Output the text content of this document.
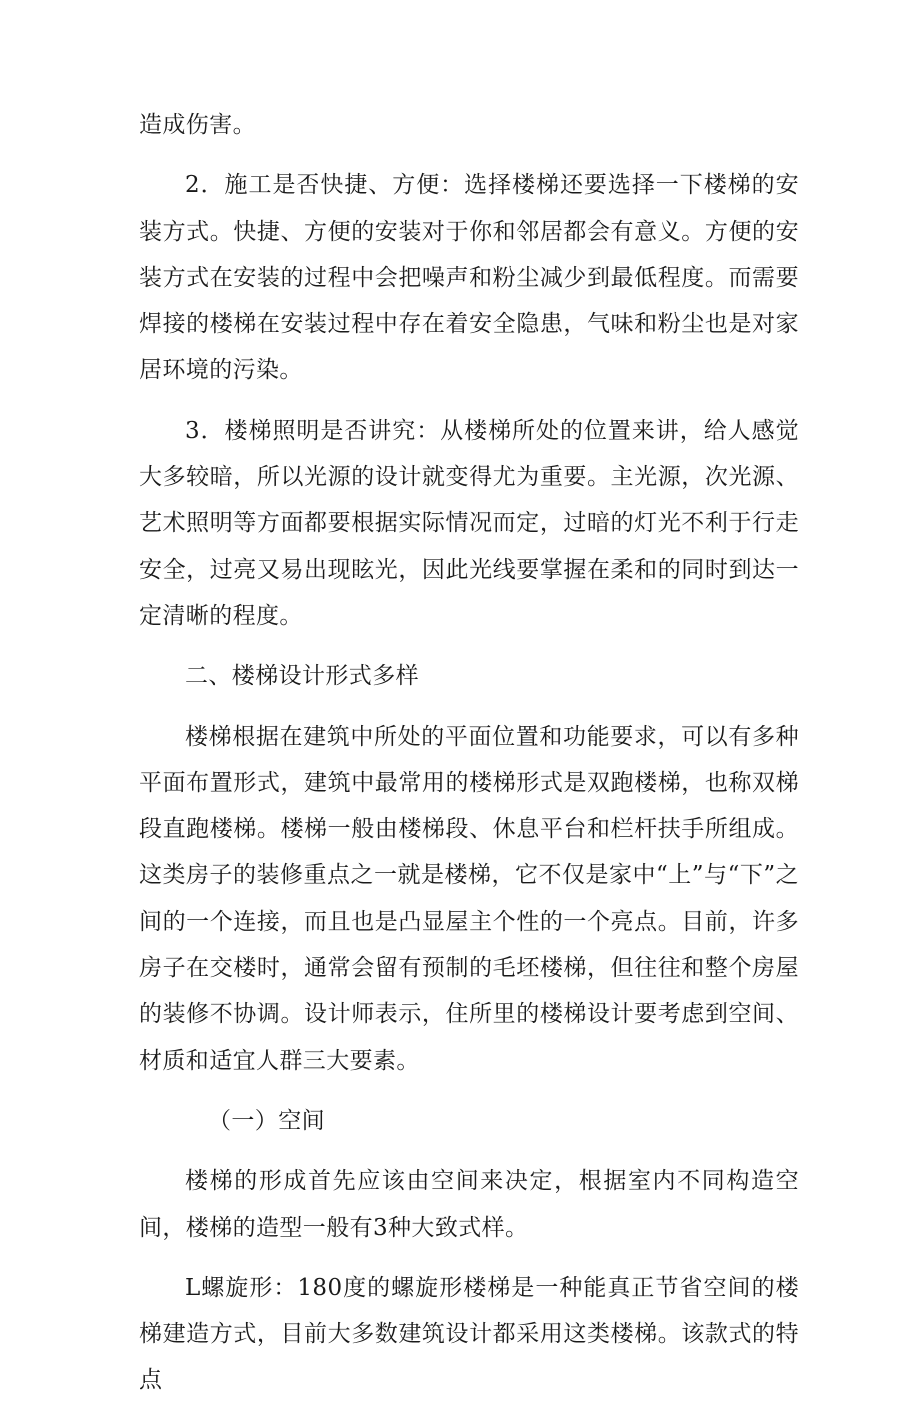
造成伤害。

2．施工是否快捷、方便：选择楼梯还要选择一下楼梯的安装方式。快捷、方便的安装对于你和邻居都会有意义。方便的安装方式在安装的过程中会把噪声和粉尘减少到最低程度。而需要焊接的楼梯在安装过程中存在着安全隐患，气味和粉尘也是对家居环境的污染。

3．楼梯照明是否讲究：从楼梯所处的位置来讲，给人感觉大多较暗，所以光源的设计就变得尤为重要。主光源，次光源、艺术照明等方面都要根据实际情况而定，过暗的灯光不利于行走安全，过亮又易出现眩光，因此光线要掌握在柔和的同时到达一定清晰的程度。

二、楼梯设计形式多样

楼梯根据在建筑中所处的平面位置和功能要求，可以有多种平面布置形式，建筑中最常用的楼梯形式是双跑楼梯，也称双梯段直跑楼梯。楼梯一般由楼梯段、休息平台和栏杆扶手所组成。这类房子的装修重点之一就是楼梯，它不仅是家中“上”与“下”之间的一个连接，而且也是凸显屋主个性的一个亮点。目前，许多房子在交楼时，通常会留有预制的毛坯楼梯，但往往和整个房屋的装修不协调。设计师表示，住所里的楼梯设计要考虑到空间、材质和适宜人群三大要素。

（一）空间

楼梯的形成首先应该由空间来决定，根据室内不同构造空间，楼梯的造型一般有3种大致式样。

L螺旋形：180度的螺旋形楼梯是一种能真正节省空间的楼梯建造方式，目前大多数建筑设计都采用这类楼梯。该款式的特点
